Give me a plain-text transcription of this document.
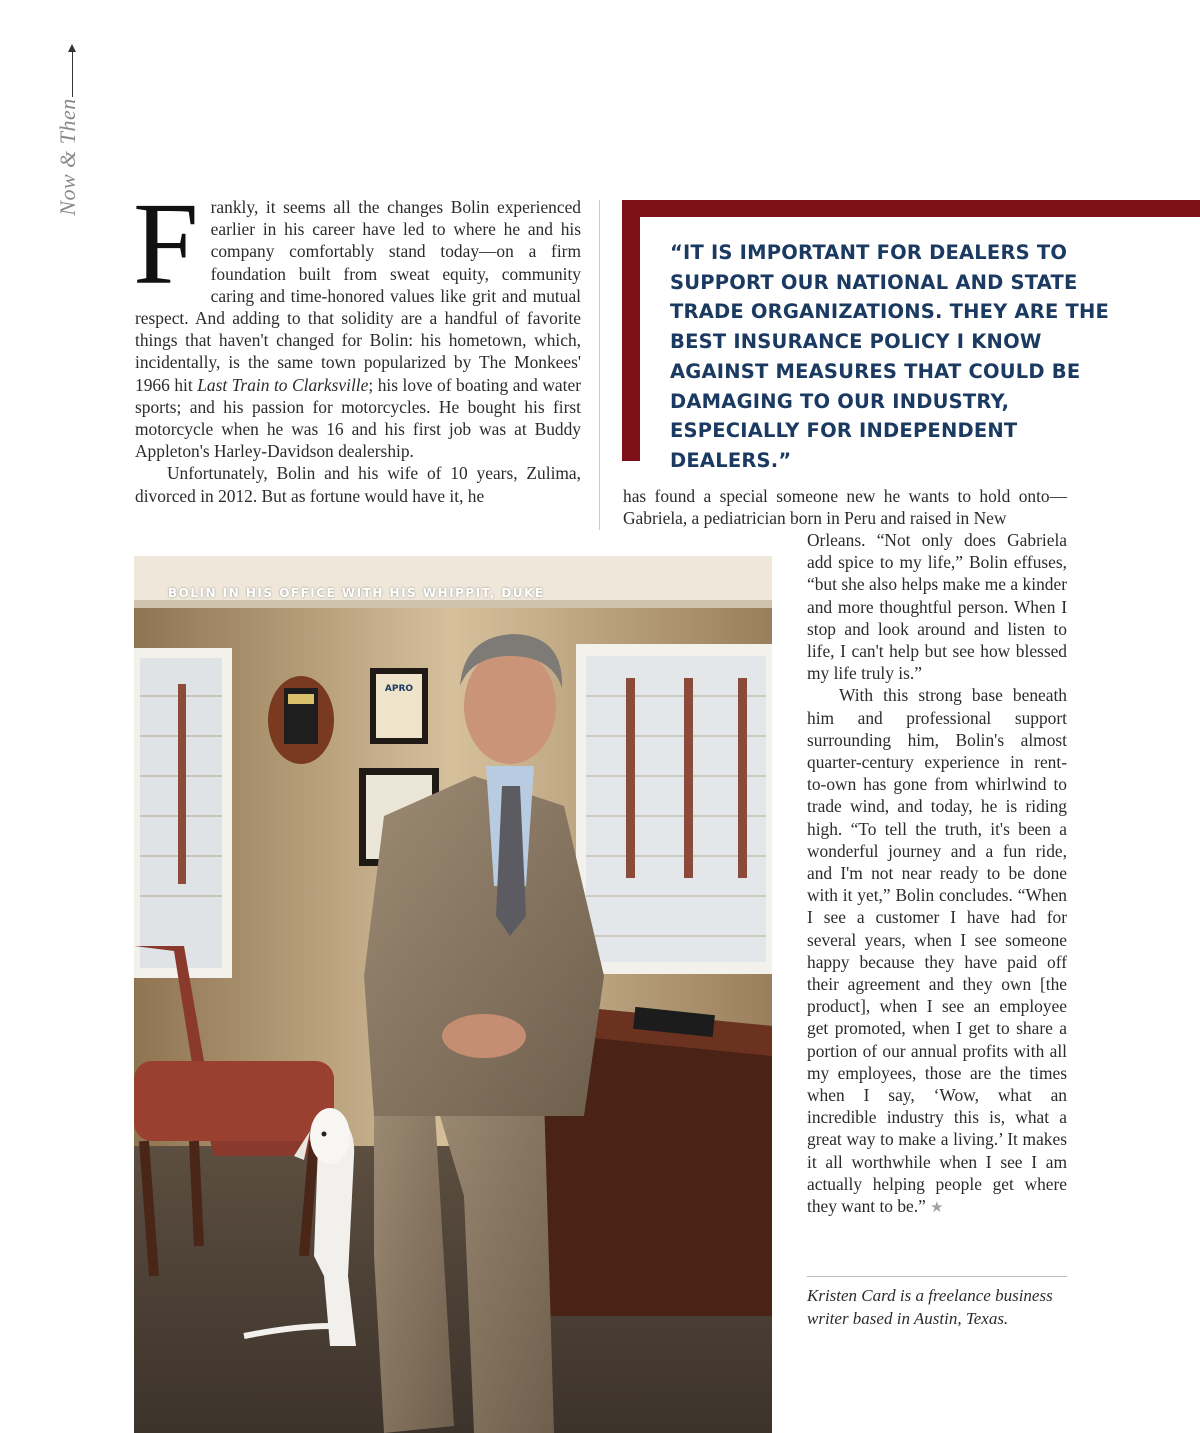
Now & Then

Frankly, it seems all the changes Bolin experienced earlier in his career have led to where he and his company comfortably stand today—on a firm foundation built from sweat equity, community caring and time-honored values like grit and mutual respect. And adding to that solidity are a handful of favorite things that haven't changed for Bolin: his hometown, which, incidentally, is the same town popularized by The Monkees' 1966 hit Last Train to Clarksville; his love of boating and water sports; and his passion for motorcycles. He bought his first motorcycle when he was 16 and his first job was at Buddy Appleton's Harley-Davidson dealership.

Unfortunately, Bolin and his wife of 10 years, Zulima, divorced in 2012. But as fortune would have it, he

“IT IS IMPORTANT FOR DEALERS TO SUPPORT OUR NATIONAL AND STATE TRADE ORGANIZATIONS. THEY ARE THE BEST INSURANCE POLICY I KNOW AGAINST MEASURES THAT COULD BE DAMAGING TO OUR INDUSTRY, ESPECIALLY FOR INDEPENDENT DEALERS.”

has found a special someone new he wants to hold onto—Gabriela, a pediatrician born in Peru and raised in New

Orleans. “Not only does Gabriela add spice to my life,” Bolin effuses, “but she also helps make me a kinder and more thoughtful person. When I stop and look around and listen to life, I can't help but see how blessed my life truly is.”

With this strong base beneath him and professional support surrounding him, Bolin's almost quarter-century experience in rent-to-own has gone from whirlwind to trade wind, and today, he is riding high. “To tell the truth, it's been a wonderful journey and a fun ride, and I'm not near ready to be done with it yet,” Bolin concludes. “When I see a customer I have had for several years, when I see someone happy because they have paid off their agreement and they own [the product], when I see an employee get promoted, when I get to share a portion of our annual profits with all my employees, those are the times when I say, ‘Wow, what an incredible industry this is, what a great way to make a living.’ It makes it all worthwhile when I see I am actually helping people get where they want to be.” ★

APRO
BOLIN IN HIS OFFICE WITH HIS WHIPPIT, DUKE
Kristen Card is a freelance business writer based in Austin, Texas.
